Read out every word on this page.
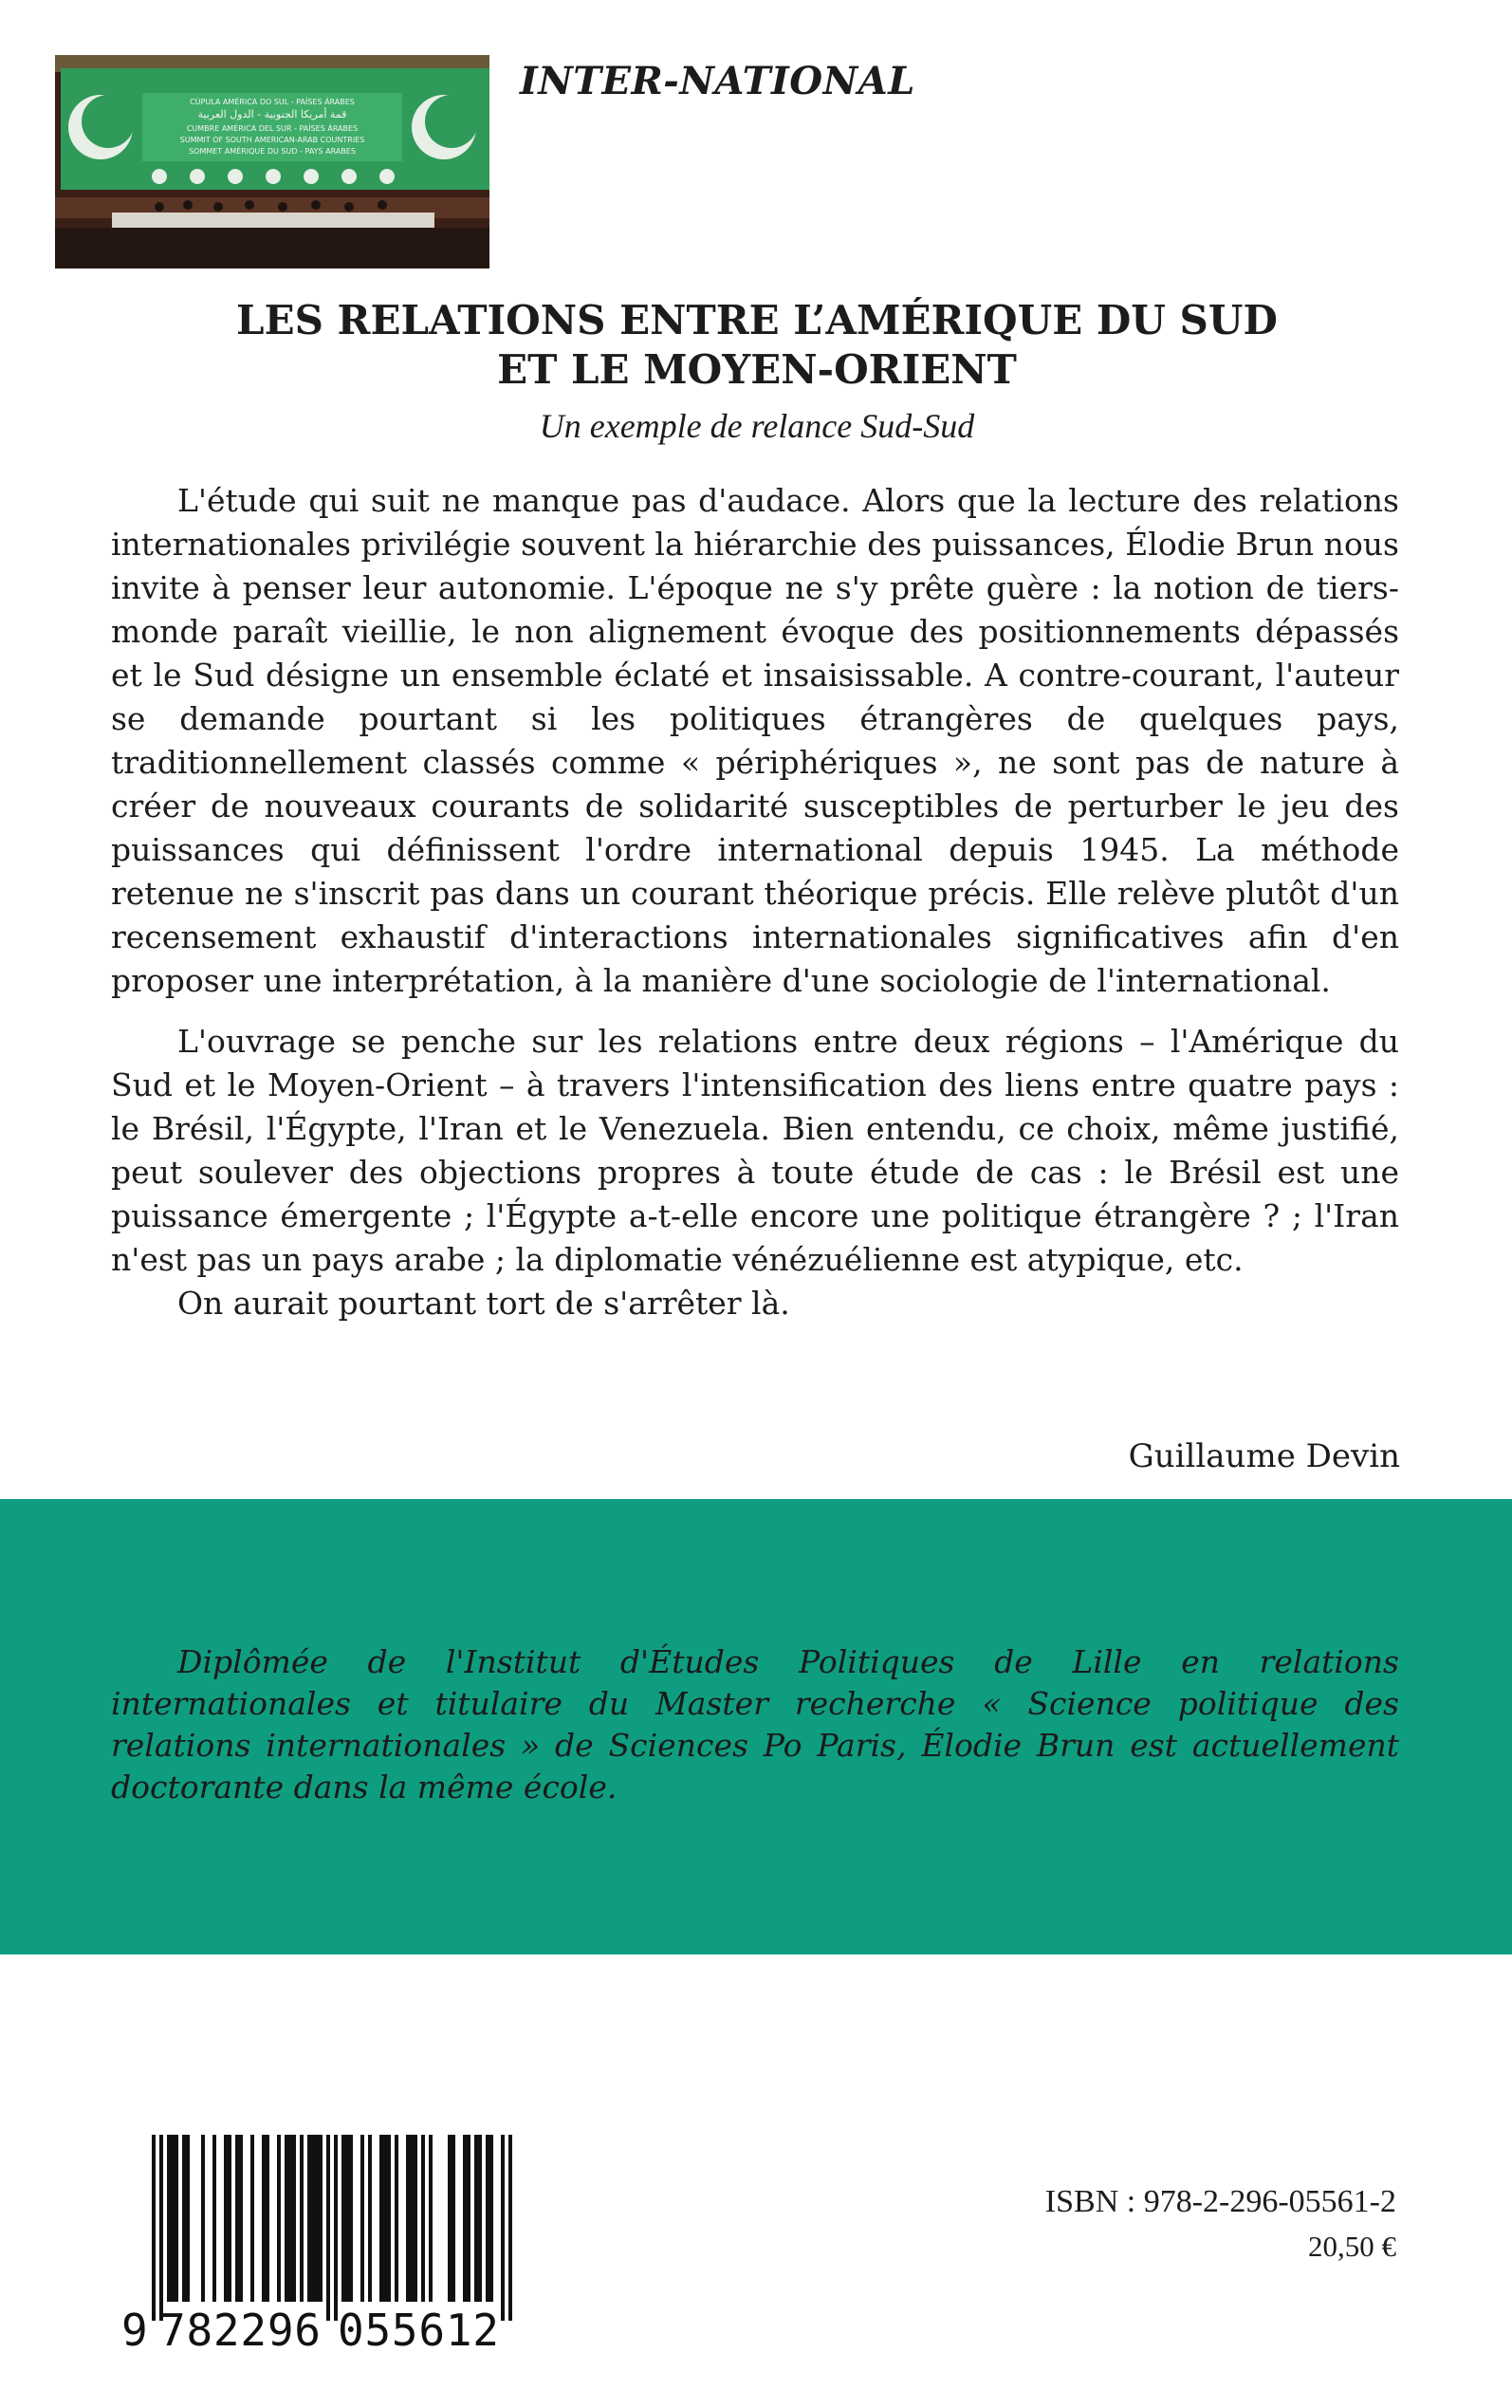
CÚPULA AMÉRICA DO SUL - PAÍSES ÁRABES
قمة أمريكا الجنوبية - الدول العربية
CUMBRE AMÉRICA DEL SUR - PAÍSES ÁRABES
SUMMIT OF SOUTH AMERICAN-ARAB COUNTRIES
SOMMET AMÉRIQUE DU SUD - PAYS ARABES

INTER-NATIONAL

LES RELATIONS ENTRE L’AMÉRIQUE DU SUD
ET LE MOYEN-ORIENT

Un exemple de relance Sud-Sud

L'étude qui suit ne manque pas d'audace. Alors que la lecture des relations internationales privilégie souvent la hiérarchie des puissances, Élodie Brun nous invite à penser leur autonomie. L'époque ne s'y prête guère : la notion de tiers-monde paraît vieillie, le non alignement évoque des positionnements dépassés et le Sud désigne un ensemble éclaté et insaisissable. A contre-courant, l'auteur se demande pourtant si les politiques étrangères de quelques pays, traditionnellement classés comme « périphériques », ne sont pas de nature à créer de nouveaux courants de solidarité susceptibles de perturber le jeu des puissances qui définissent l'ordre international depuis 1945. La méthode retenue ne s'inscrit pas dans un courant théorique précis. Elle relève plutôt d'un recensement exhaustif d'interactions internationales significatives afin d'en proposer une interprétation, à la manière d'une sociologie de l'international.

L'ouvrage se penche sur les relations entre deux régions – l'Amérique du Sud et le Moyen-Orient – à travers l'intensification des liens entre quatre pays : le Brésil, l'Égypte, l'Iran et le Venezuela. Bien entendu, ce choix, même justifié, peut soulever des objections propres à toute étude de cas : le Brésil est une puissance émergente ; l'Égypte a-t-elle encore une politique étrangère ? ; l'Iran n'est pas un pays arabe ; la diplomatie vénézuélienne est atypique, etc.

On aurait pourtant tort de s'arrêter là.

Guillaume Devin

Diplômée de l'Institut d'Études Politiques de Lille en relations internationales et titulaire du Master recherche « Science politique des relations internationales » de Sciences Po Paris, Élodie Brun est actuellement doctorante dans la même école.

9 782296 055612

ISBN : 978-2-296-05561-2

20,50 €
